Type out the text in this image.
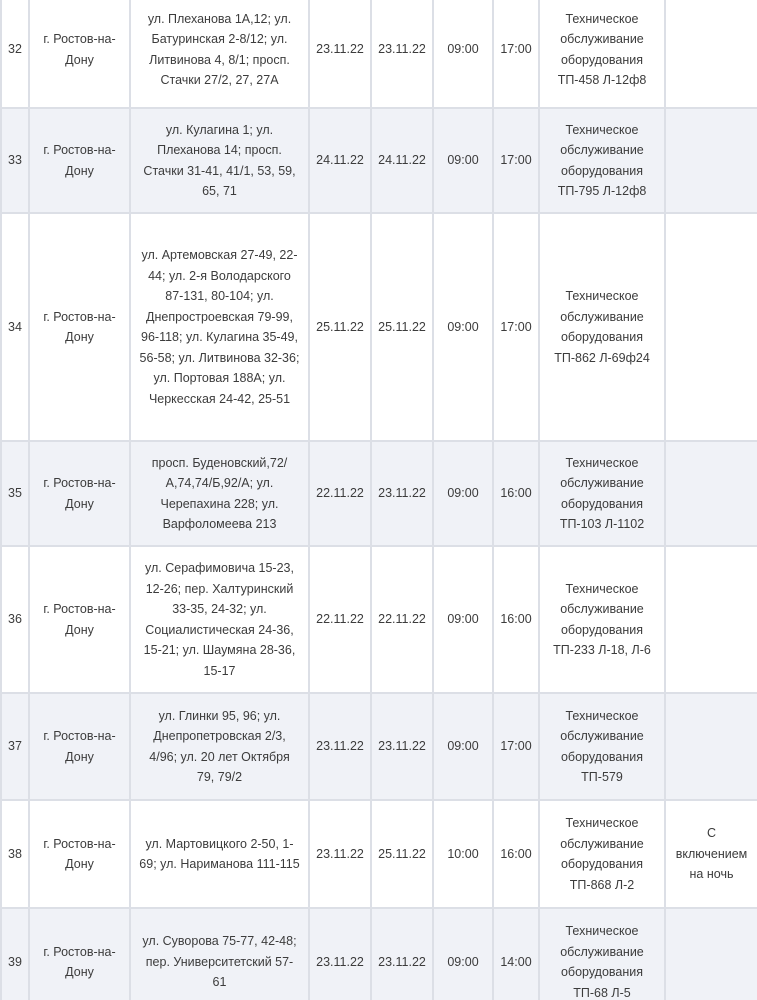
32	г. Ростов-на-Дону	ул. Плеханова 1А,12; ул. Батуринская 2-8/12; ул. Литвинова 4, 8/1; просп. Стачки 27/2, 27, 27А	23.11.22	23.11.22	09:00	17:00	Техническое обслуживание оборудования ТП-458 Л-12ф8	
33	г. Ростов-на-Дону	ул. Кулагина 1; ул. Плеханова 14; просп. Стачки 31-41, 41/1, 53, 59, 65, 71	24.11.22	24.11.22	09:00	17:00	Техническое обслуживание оборудования ТП-795 Л-12ф8	
34	г. Ростов-на-Дону	ул. Артемовская 27-49, 22-44; ул. 2-я Володарского 87-131, 80-104; ул. Днепростроевская 79-99, 96-118; ул. Кулагина 35-49, 56-58; ул. Литвинова 32-36; ул. Портовая 188А; ул. Черкесская 24-42, 25-51	25.11.22	25.11.22	09:00	17:00	Техническое обслуживание оборудования ТП-862 Л-69ф24	
35	г. Ростов-на-Дону	просп. Буденовский,72/А,74,74/Б,92/А; ул. Черепахина 228; ул. Варфоломеева 213	22.11.22	23.11.22	09:00	16:00	Техническое обслуживание оборудования ТП-103 Л-1102	
36	г. Ростов-на-Дону	ул. Серафимовича 15-23, 12-26; пер. Халтуринский 33-35, 24-32; ул. Социалистическая 24-36, 15-21; ул. Шаумяна 28-36, 15-17	22.11.22	22.11.22	09:00	16:00	Техническое обслуживание оборудования ТП-233 Л-18, Л-6	
37	г. Ростов-на-Дону	ул. Глинки 95, 96; ул. Днепропетровская 2/3, 4/96; ул. 20 лет Октября 79, 79/2	23.11.22	23.11.22	09:00	17:00	Техническое обслуживание оборудования ТП-579	
38	г. Ростов-на-Дону	ул. Мартовицкого 2-50, 1-69; ул. Нариманова 111-115	23.11.22	25.11.22	10:00	16:00	Техническое обслуживание оборудования ТП-868 Л-2	С включением на ночь
39	г. Ростов-на-Дону	ул. Суворова 75-77, 42-48; пер. Университетский 57-61	23.11.22	23.11.22	09:00	14:00	Техническое обслуживание оборудования ТП-68 Л-5	
